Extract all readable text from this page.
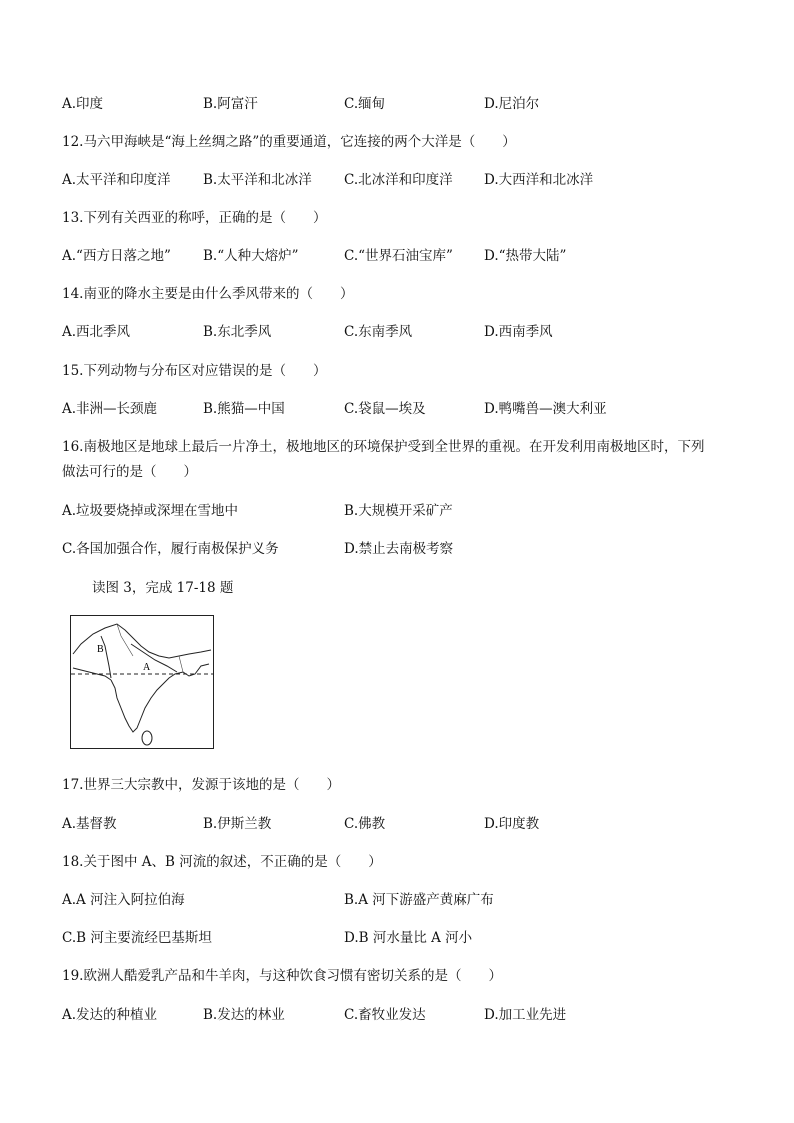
A.印度	B.阿富汗	C.缅甸	D.尼泊尔
12.马六甲海峡是“海上丝绸之路”的重要通道，它连接的两个大洋是（　　）
A.太平洋和印度洋 B.太平洋和北冰洋 C.北冰洋和印度洋 D.大西洋和北冰洋
13.下列有关西亚的称呼，正确的是（　　）
A.“西方日落之地” B.“人种大熔炉”	C.“世界石油宝库” D.“热带大陆”
14.南亚的降水主要是由什么季风带来的（　　）
A.西北季风	B.东北季风	C.东南季风	D.西南季风
15.下列动物与分布区对应错误的是（　　）
A.非洲—长颈鹿	B.熊猫—中国	C.袋鼠—埃及	D.鸭嘴兽—澳大利亚
16.南极地区是地球上最后一片净土，极地地区的环境保护受到全世界的重视。在开发利用南极地区时，下列
做法可行的是（　　）
A.垃圾要烧掉或深埋在雪地中	B.大规模开采矿产
C.各国加强合作，履行南极保护义务	D.禁止去南极考察
读图 3，完成 17-18 题
B
A
17.世界三大宗教中，发源于该地的是（　　）
A.基督教	B.伊斯兰教	C.佛教	D.印度教
18.关于图中 A、B 河流的叙述，不正确的是（　　）
A.A 河注入阿拉伯海	B.A 河下游盛产黄麻广布
C.B 河主要流经巴基斯坦	D.B 河水量比 A 河小
19.欧洲人酷爱乳产品和牛羊肉，与这种饮食习惯有密切关系的是（　　）
A.发达的种植业	B.发达的林业	C.畜牧业发达	D.加工业先进
